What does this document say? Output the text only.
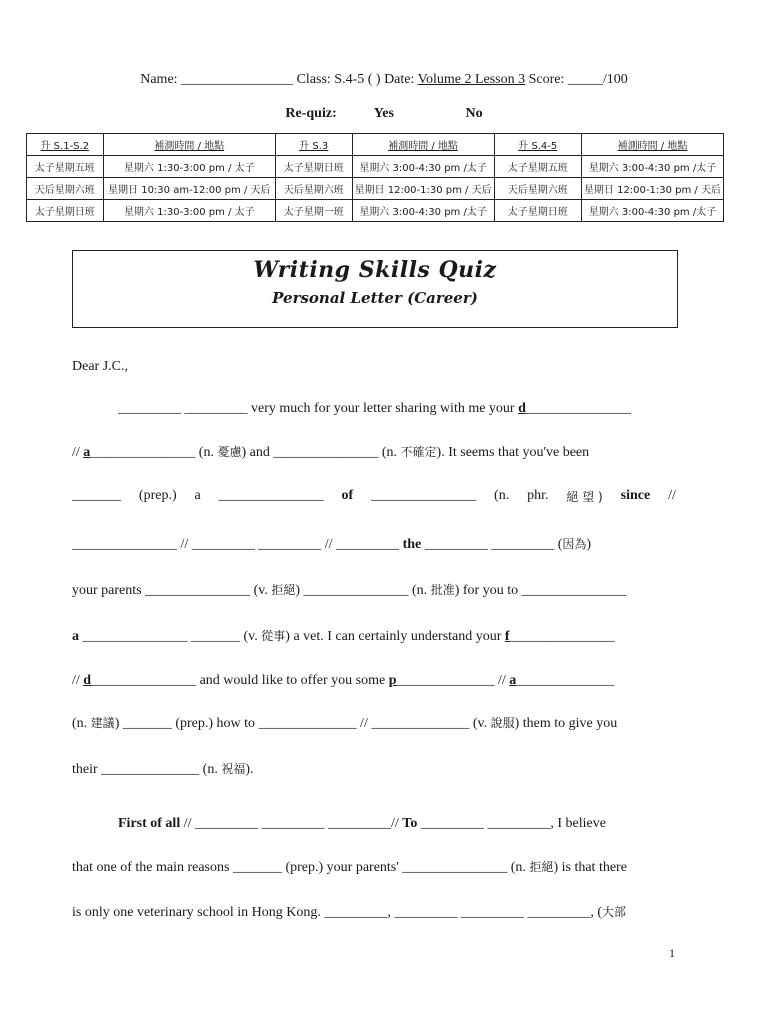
Name: ________________ Class: S.4-5 ( ) Date: Volume 2 Lesson 3 Score: _____/100
Re-quiz:	Yes	No
升 S.1-S.2	補測時間 / 地點	升 S.3	補測時間 / 地點	升 S.4-5	補測時間 / 地點
太子星期五班	星期六 1:30-3:00 pm / 太子	太子星期日班	星期六 3:00-4:30 pm /太子	太子星期五班	星期六 3:00-4:30 pm /太子
天后星期六班	星期日 10:30 am-12:00 pm / 天后	天后星期六班	星期日 12:00-1:30 pm / 天后	天后星期六班	星期日 12:00-1:30 pm / 天后
太子星期日班	星期六 1:30-3:00 pm / 太子	太子星期一班	星期六 3:00-4:30 pm /太子	太子星期日班	星期六 3:00-4:30 pm /太子
Writing Skills Quiz
Personal Letter (Career)
Dear J.C.,
_________ _________ very much for your letter sharing with me your d_______________
// a_______________ (n. 憂慮) and _______________ (n. 不確定). It seems that you've been
_______ (prep.) a _______________ of _______________ (n. phr. 絕 望 ) since //
_______________ // _________ _________ // _________ the _________ _________ (因為)
your parents _______________ (v. 拒絕) _______________ (n. 批准) for you to _______________
a _______________ _______ (v. 從事) a vet. I can certainly understand your f_______________
// d_______________ and would like to offer you some p______________ // a______________
(n. 建議) _______ (prep.) how to ______________ // ______________ (v. 說服) them to give you
their ______________ (n. 祝福).
First of all // _________ _________ _________// To _________ _________, I believe
that one of the main reasons _______ (prep.) your parents' _______________ (n. 拒絕) is that there
is only one veterinary school in Hong Kong. _________, _________ _________ _________, (大部
1
